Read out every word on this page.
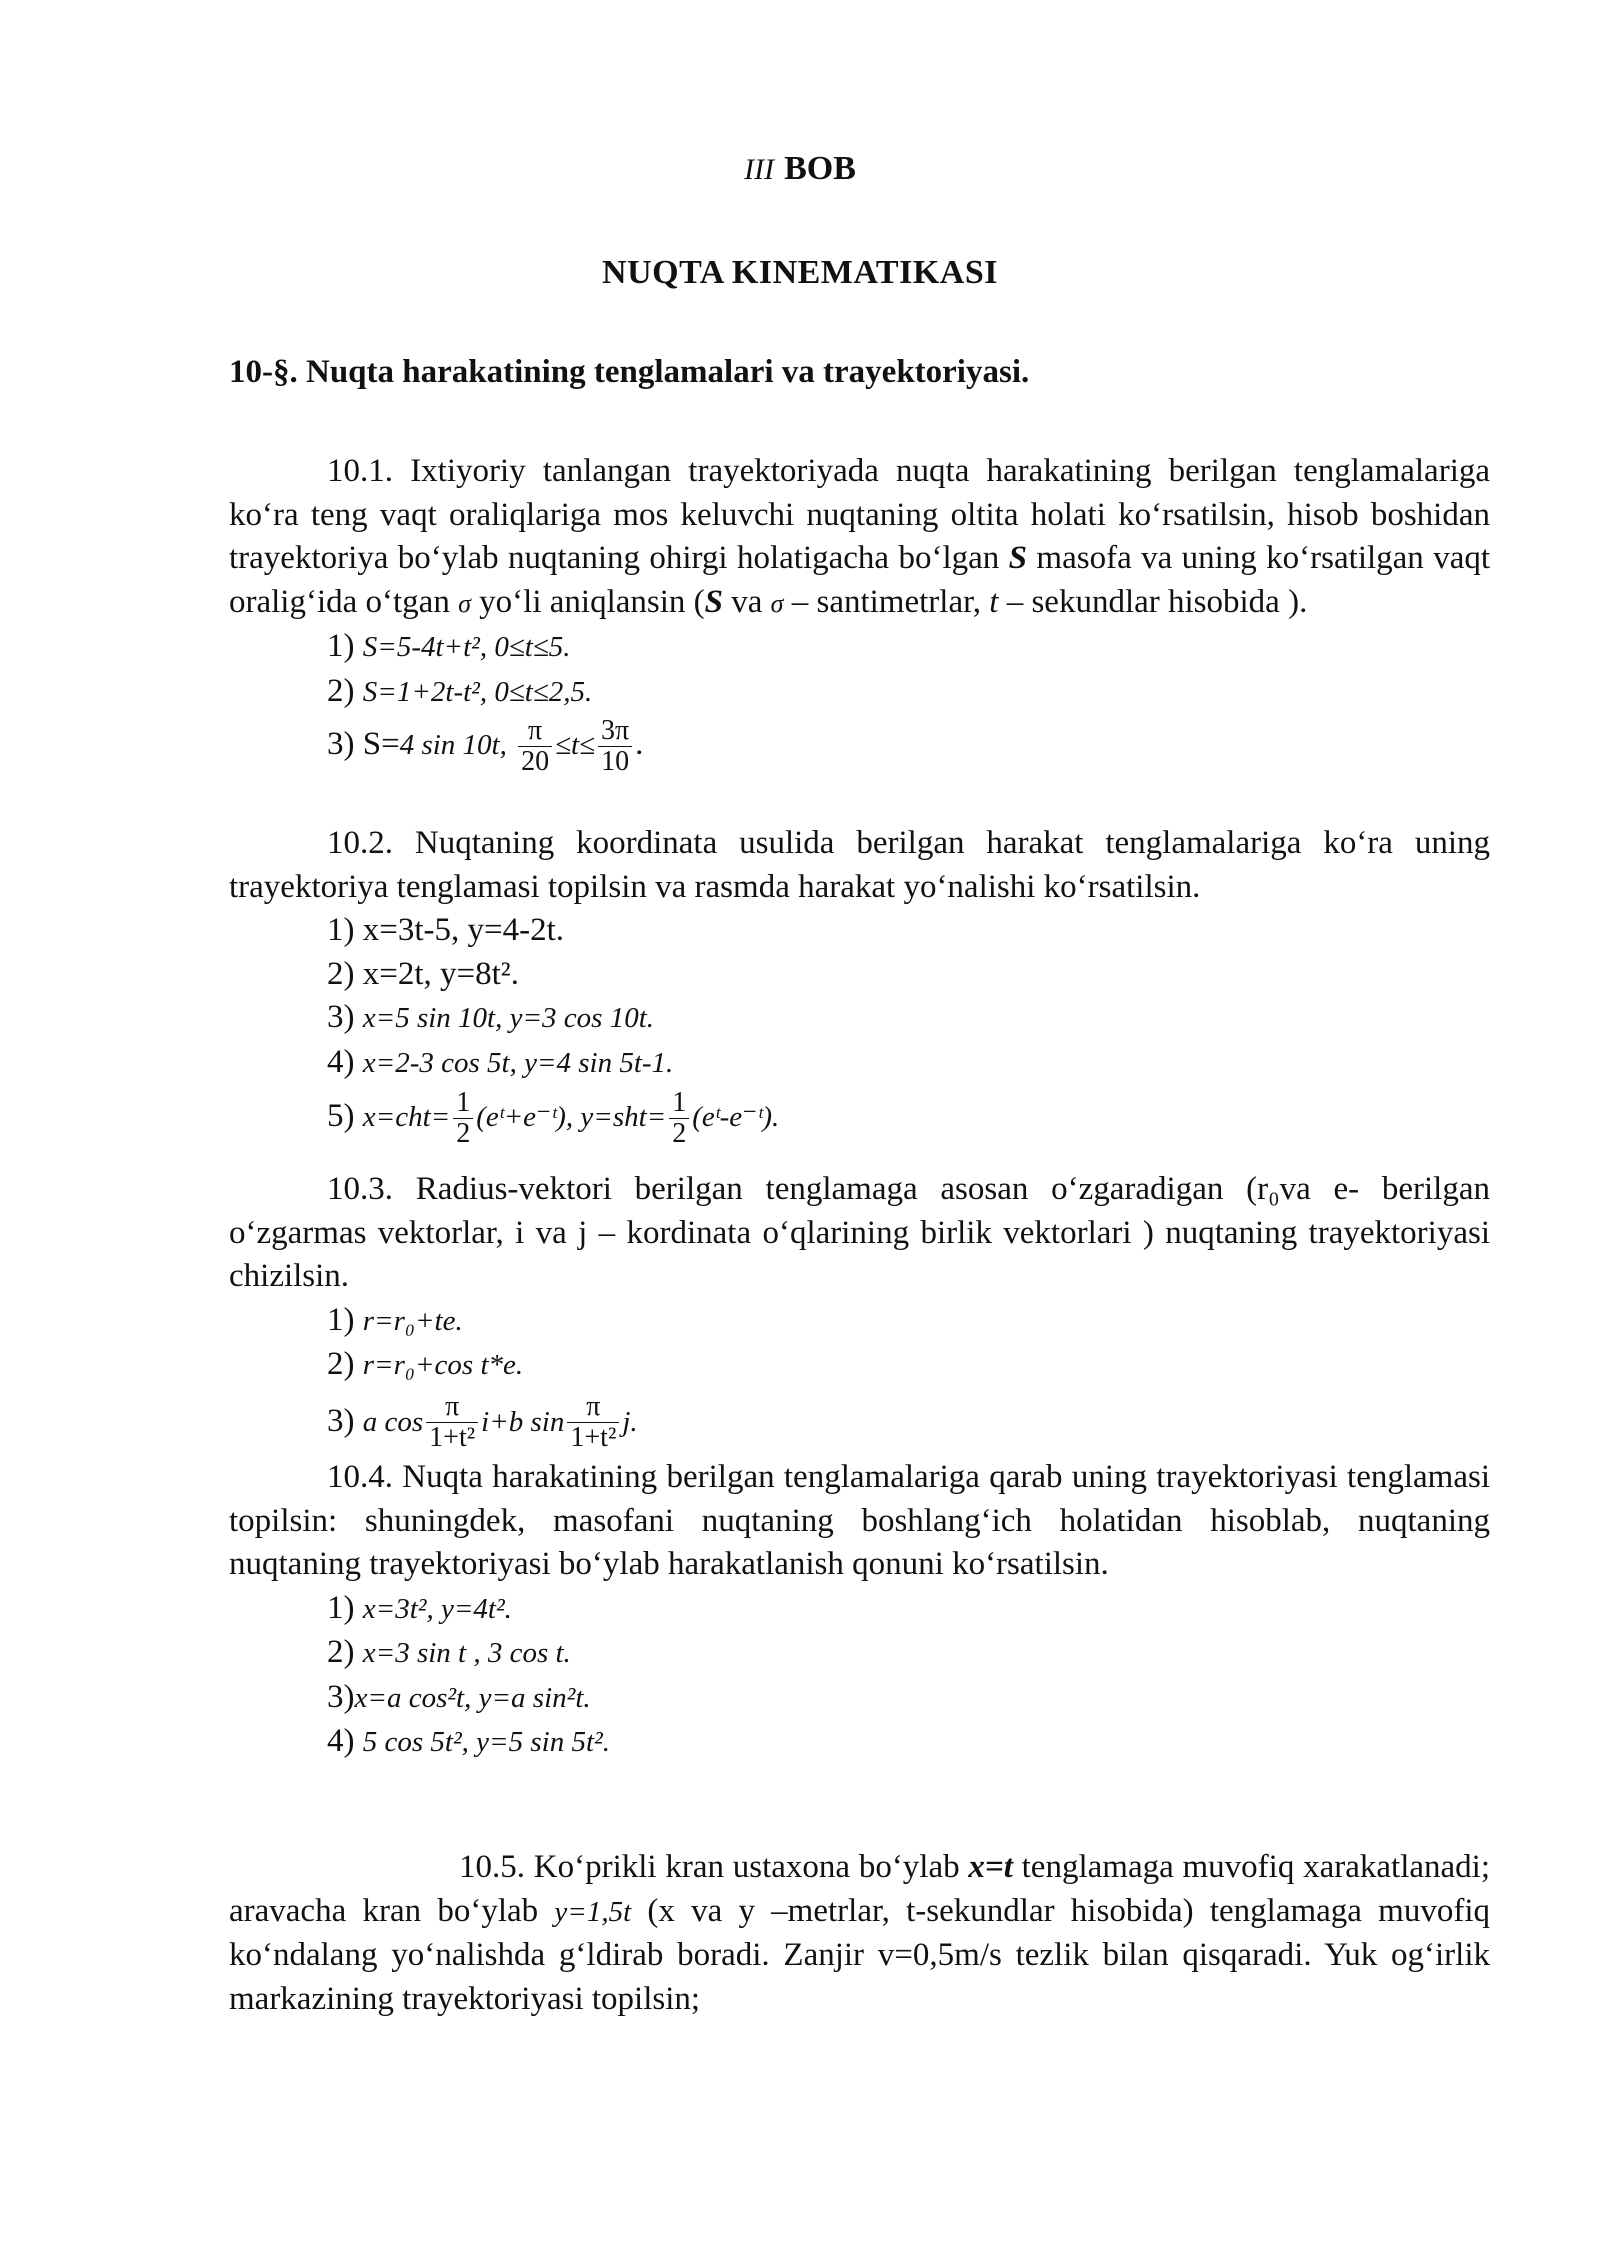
III BOB
NUQTA KINEMATIKASI
10-§. Nuqta harakatining tenglamalari va trayektoriyasi.

10.1. Ixtiyoriy tanlangan trayektoriyada nuqta harakatining berilgan tenglamalariga ko‘ra teng vaqt oraliqlariga mos keluvchi nuqtaning oltita holati ko‘rsatilsin, hisob boshidan trayektoriya bo‘ylab nuqtaning ohirgi holatigacha bo‘lgan S masofa va uning ko‘rsatilgan vaqt oralig‘ida o‘tgan σ yo‘li aniqlansin (S va σ – santimetrlar, t – sekundlar hisobida ).

1) S=5-4t+t², 0≤t≤5.

2) S=1+2t-t², 0≤t≤2,5.

3) S=4 sin 10t, $\frac{\pi}{20} \le t\le \frac{3\pi}{10}$ .

10.2. Nuqtaning koordinata usulida berilgan harakat tenglamalariga ko‘ra uning trayektoriya tenglamasi topilsin va rasmda harakat yo‘nalishi ko‘rsatilsin.

1) x=3t-5, y=4-2t.

2) x=2t, y=8t².

3) x=5 sin 10t, y=3 cos 10t.

4) x=2-3 cos 5t, y=4 sin 5t-1.

5) $x=cht= \frac{1}{2}$ (eᵗ+e⁻ᵗ), $y=sht= \frac{1}{2}$ (eᵗ-e⁻ᵗ).

10.3. Radius-vektori berilgan tenglamaga asosan o‘zgaradigan (r₀va e- berilgan o‘zgarmas vektorlar, i va j – kordinata o‘qlarining birlik vektorlari ) nuqtaning trayektoriyasi chizilsin.

1) r=r₀+te.

2) r=r₀+cos t*e.

3) a $\cos \frac{\pi}{\text{1+t²}} i+b$ $\sin \frac{\pi}{\text{1+t²}} j$.

10.4. Nuqta harakatining berilgan tenglamalariga qarab uning trayektoriyasi tenglamasi topilsin: shuningdek, masofani nuqtaning boshlang‘ich holatidan hisoblab, nuqtaning nuqtaning trayektoriyasi bo‘ylab harakatlanish qonuni ko‘rsatilsin.

1) x=3t², y=4t².

2) x=3 sin t , 3 cos t.

3)x=a cos²t, y=a sin²t.

4) 5 cos 5t², y=5 sin 5t².

10.5. Ko‘prikli kran ustaxona bo‘ylab x=t tenglamaga muvofiq xarakatlanadi; aravacha kran bo‘ylab y=1,5t (x va y –metrlar, t-sekundlar hisobida) tenglamaga muvofiq ko‘ndalang yo‘nalishda g‘ldirab boradi. Zanjir v=0,5m/s tezlik bilan qisqaradi. Yuk og‘irlik markazining trayektoriyasi topilsin;
